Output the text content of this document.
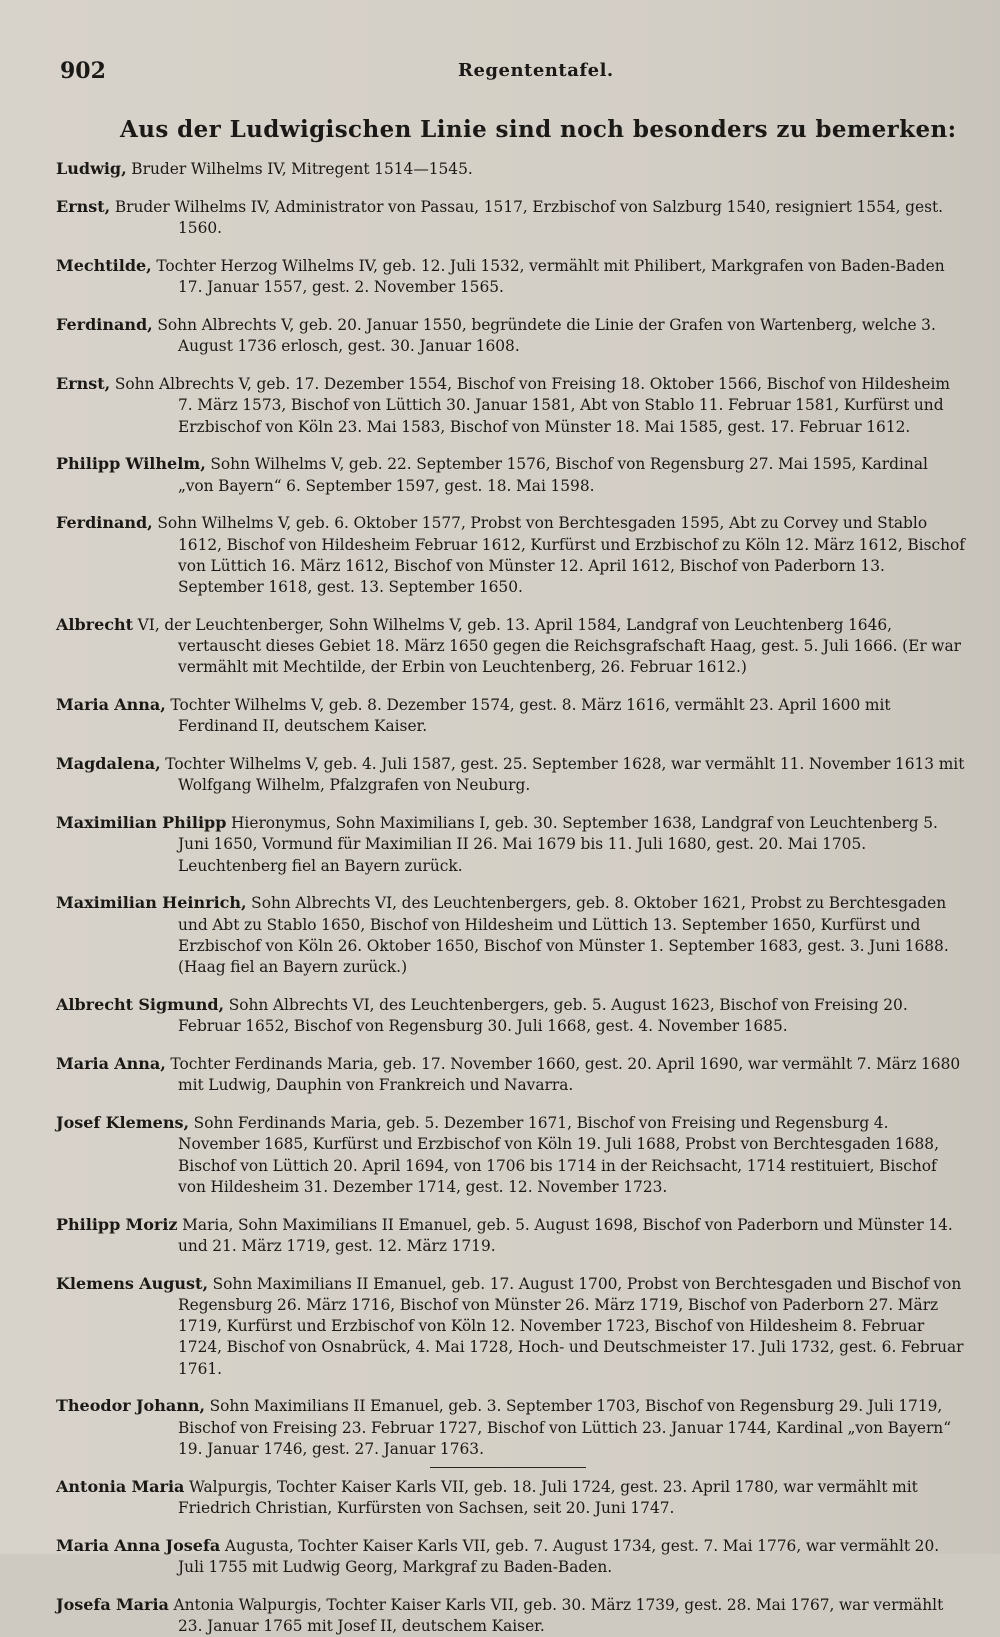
902	Regententafel.
Aus der Ludwigischen Linie sind noch besonders zu bemerken:

Ludwig, Bruder Wilhelms IV, Mitregent 1514—1545.

Ernst, Bruder Wilhelms IV, Administrator von Passau, 1517, Erzbischof von Salzburg 1540, resigniert 1554, gest. 1560.

Mechtilde, Tochter Herzog Wilhelms IV, geb. 12. Juli 1532, vermählt mit Philibert, Markgrafen von Baden-Baden 17. Januar 1557, gest. 2. November 1565.

Ferdinand, Sohn Albrechts V, geb. 20. Januar 1550, begründete die Linie der Grafen von Wartenberg, welche 3. August 1736 erlosch, gest. 30. Januar 1608.

Ernst, Sohn Albrechts V, geb. 17. Dezember 1554, Bischof von Freising 18. Oktober 1566, Bischof von Hildesheim 7. März 1573, Bischof von Lüttich 30. Januar 1581, Abt von Stablo 11. Februar 1581, Kurfürst und Erzbischof von Köln 23. Mai 1583, Bischof von Münster 18. Mai 1585, gest. 17. Februar 1612.

Philipp Wilhelm, Sohn Wilhelms V, geb. 22. September 1576, Bischof von Regensburg 27. Mai 1595, Kardinal „von Bayern“ 6. September 1597, gest. 18. Mai 1598.

Ferdinand, Sohn Wilhelms V, geb. 6. Oktober 1577, Probst von Berchtesgaden 1595, Abt zu Corvey und Stablo 1612, Bischof von Hildesheim Februar 1612, Kurfürst und Erzbischof zu Köln 12. März 1612, Bischof von Lüttich 16. März 1612, Bischof von Münster 12. April 1612, Bischof von Paderborn 13. September 1618, gest. 13. September 1650.

Albrecht VI, der Leuchtenberger, Sohn Wilhelms V, geb. 13. April 1584, Landgraf von Leuchtenberg 1646, vertauscht dieses Gebiet 18. März 1650 gegen die Reichsgrafschaft Haag, gest. 5. Juli 1666. (Er war vermählt mit Mechtilde, der Erbin von Leuchtenberg, 26. Februar 1612.)

Maria Anna, Tochter Wilhelms V, geb. 8. Dezember 1574, gest. 8. März 1616, vermählt 23. April 1600 mit Ferdinand II, deutschem Kaiser.

Magdalena, Tochter Wilhelms V, geb. 4. Juli 1587, gest. 25. September 1628, war vermählt 11. November 1613 mit Wolfgang Wilhelm, Pfalzgrafen von Neuburg.

Maximilian Philipp Hieronymus, Sohn Maximilians I, geb. 30. September 1638, Landgraf von Leuchtenberg 5. Juni 1650, Vormund für Maximilian II 26. Mai 1679 bis 11. Juli 1680, gest. 20. Mai 1705. Leuchtenberg fiel an Bayern zurück.

Maximilian Heinrich, Sohn Albrechts VI, des Leuchtenbergers, geb. 8. Oktober 1621, Probst zu Berchtesgaden und Abt zu Stablo 1650, Bischof von Hildesheim und Lüttich 13. September 1650, Kurfürst und Erzbischof von Köln 26. Oktober 1650, Bischof von Münster 1. September 1683, gest. 3. Juni 1688. (Haag fiel an Bayern zurück.)

Albrecht Sigmund, Sohn Albrechts VI, des Leuchtenbergers, geb. 5. August 1623, Bischof von Freising 20. Februar 1652, Bischof von Regensburg 30. Juli 1668, gest. 4. November 1685.

Maria Anna, Tochter Ferdinands Maria, geb. 17. November 1660, gest. 20. April 1690, war vermählt 7. März 1680 mit Ludwig, Dauphin von Frankreich und Navarra.

Josef Klemens, Sohn Ferdinands Maria, geb. 5. Dezember 1671, Bischof von Freising und Regensburg 4. November 1685, Kurfürst und Erzbischof von Köln 19. Juli 1688, Probst von Berchtesgaden 1688, Bischof von Lüttich 20. April 1694, von 1706 bis 1714 in der Reichsacht, 1714 restituiert, Bischof von Hildesheim 31. Dezember 1714, gest. 12. November 1723.

Philipp Moriz Maria, Sohn Maximilians II Emanuel, geb. 5. August 1698, Bischof von Paderborn und Münster 14. und 21. März 1719, gest. 12. März 1719.

Klemens August, Sohn Maximilians II Emanuel, geb. 17. August 1700, Probst von Berchtesgaden und Bischof von Regensburg 26. März 1716, Bischof von Münster 26. März 1719, Bischof von Paderborn 27. März 1719, Kurfürst und Erzbischof von Köln 12. November 1723, Bischof von Hildesheim 8. Februar 1724, Bischof von Osnabrück, 4. Mai 1728, Hoch- und Deutschmeister 17. Juli 1732, gest. 6. Februar 1761.

Theodor Johann, Sohn Maximilians II Emanuel, geb. 3. September 1703, Bischof von Regensburg 29. Juli 1719, Bischof von Freising 23. Februar 1727, Bischof von Lüttich 23. Januar 1744, Kardinal „von Bayern“ 19. Januar 1746, gest. 27. Januar 1763.

Antonia Maria Walpurgis, Tochter Kaiser Karls VII, geb. 18. Juli 1724, gest. 23. April 1780, war vermählt mit Friedrich Christian, Kurfürsten von Sachsen, seit 20. Juni 1747.

Maria Anna Josefa Augusta, Tochter Kaiser Karls VII, geb. 7. August 1734, gest. 7. Mai 1776, war vermählt 20. Juli 1755 mit Ludwig Georg, Markgraf zu Baden-Baden.

Josefa Maria Antonia Walpurgis, Tochter Kaiser Karls VII, geb. 30. März 1739, gest. 28. Mai 1767, war vermählt 23. Januar 1765 mit Josef II, deutschem Kaiser.
